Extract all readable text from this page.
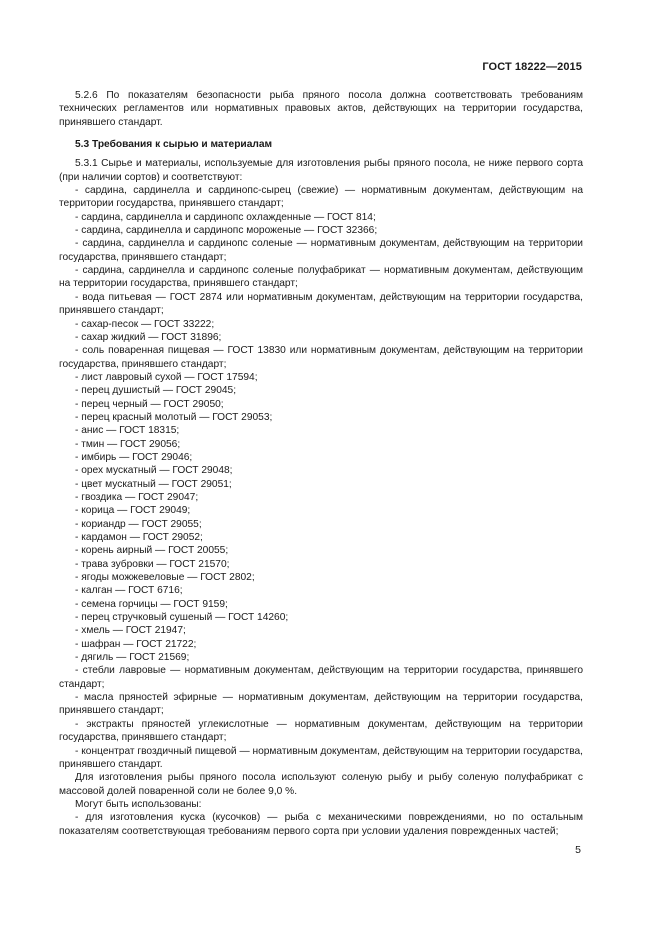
ГОСТ 18222—2015

5.2.6 По показателям безопасности рыба пряного посола должна соответствовать требованиям технических регламентов или нормативных правовых актов, действующих на территории государства, принявшего стандарт.

5.3 Требования к сырью и материалам

5.3.1 Сырье и материалы, используемые для изготовления рыбы пряного посола, не ниже первого сорта (при наличии сортов) и соответствуют:

- сардина, сардинелла и сардинопс-сырец (свежие) — нормативным документам, действующим на территории государства, принявшего стандарт;

- сардина, сардинелла и сардинопс охлажденные — ГОСТ 814;

- сардина, сардинелла и сардинопс мороженые — ГОСТ 32366;

- сардина, сардинелла и сардинопс соленые — нормативным документам, действующим на территории государства, принявшего стандарт;

- сардина, сардинелла и сардинопс соленые полуфабрикат — нормативным документам, действующим на территории государства, принявшего стандарт;

- вода питьевая — ГОСТ 2874 или нормативным документам, действующим на территории государства, принявшего стандарт;

- сахар-песок — ГОСТ 33222;

- сахар жидкий — ГОСТ 31896;

- соль поваренная пищевая — ГОСТ 13830 или нормативным документам, действующим на территории государства, принявшего стандарт;

- лист лавровый сухой — ГОСТ 17594;

- перец душистый — ГОСТ 29045;

- перец черный — ГОСТ 29050;

- перец красный молотый — ГОСТ 29053;

- анис — ГОСТ 18315;

- тмин — ГОСТ 29056;

- имбирь — ГОСТ 29046;

- орех мускатный — ГОСТ 29048;

- цвет мускатный — ГОСТ 29051;

- гвоздика — ГОСТ 29047;

- корица — ГОСТ 29049;

- кориандр — ГОСТ 29055;

- кардамон — ГОСТ 29052;

- корень аирный — ГОСТ 20055;

- трава зубровки — ГОСТ 21570;

- ягоды можжевеловые — ГОСТ 2802;

- калган — ГОСТ 6716;

- семена горчицы — ГОСТ 9159;

- перец стручковый сушеный — ГОСТ 14260;

- хмель — ГОСТ 21947;

- шафран — ГОСТ 21722;

- дягиль — ГОСТ 21569;

- стебли лавровые — нормативным документам, действующим на территории государства, принявшего стандарт;

- масла пряностей эфирные — нормативным документам, действующим на территории государства, принявшего стандарт;

- экстракты пряностей углекислотные — нормативным документам, действующим на территории государства, принявшего стандарт;

- концентрат гвоздичный пищевой — нормативным документам, действующим на территории государства, принявшего стандарт.

Для изготовления рыбы пряного посола используют соленую рыбу и рыбу соленую полуфабрикат с массовой долей поваренной соли не более 9,0 %.

Могут быть использованы:

- для изготовления куска (кусочков) — рыба с механическими повреждениями, но по остальным показателям соответствующая требованиям первого сорта при условии удаления поврежденных частей;

5
